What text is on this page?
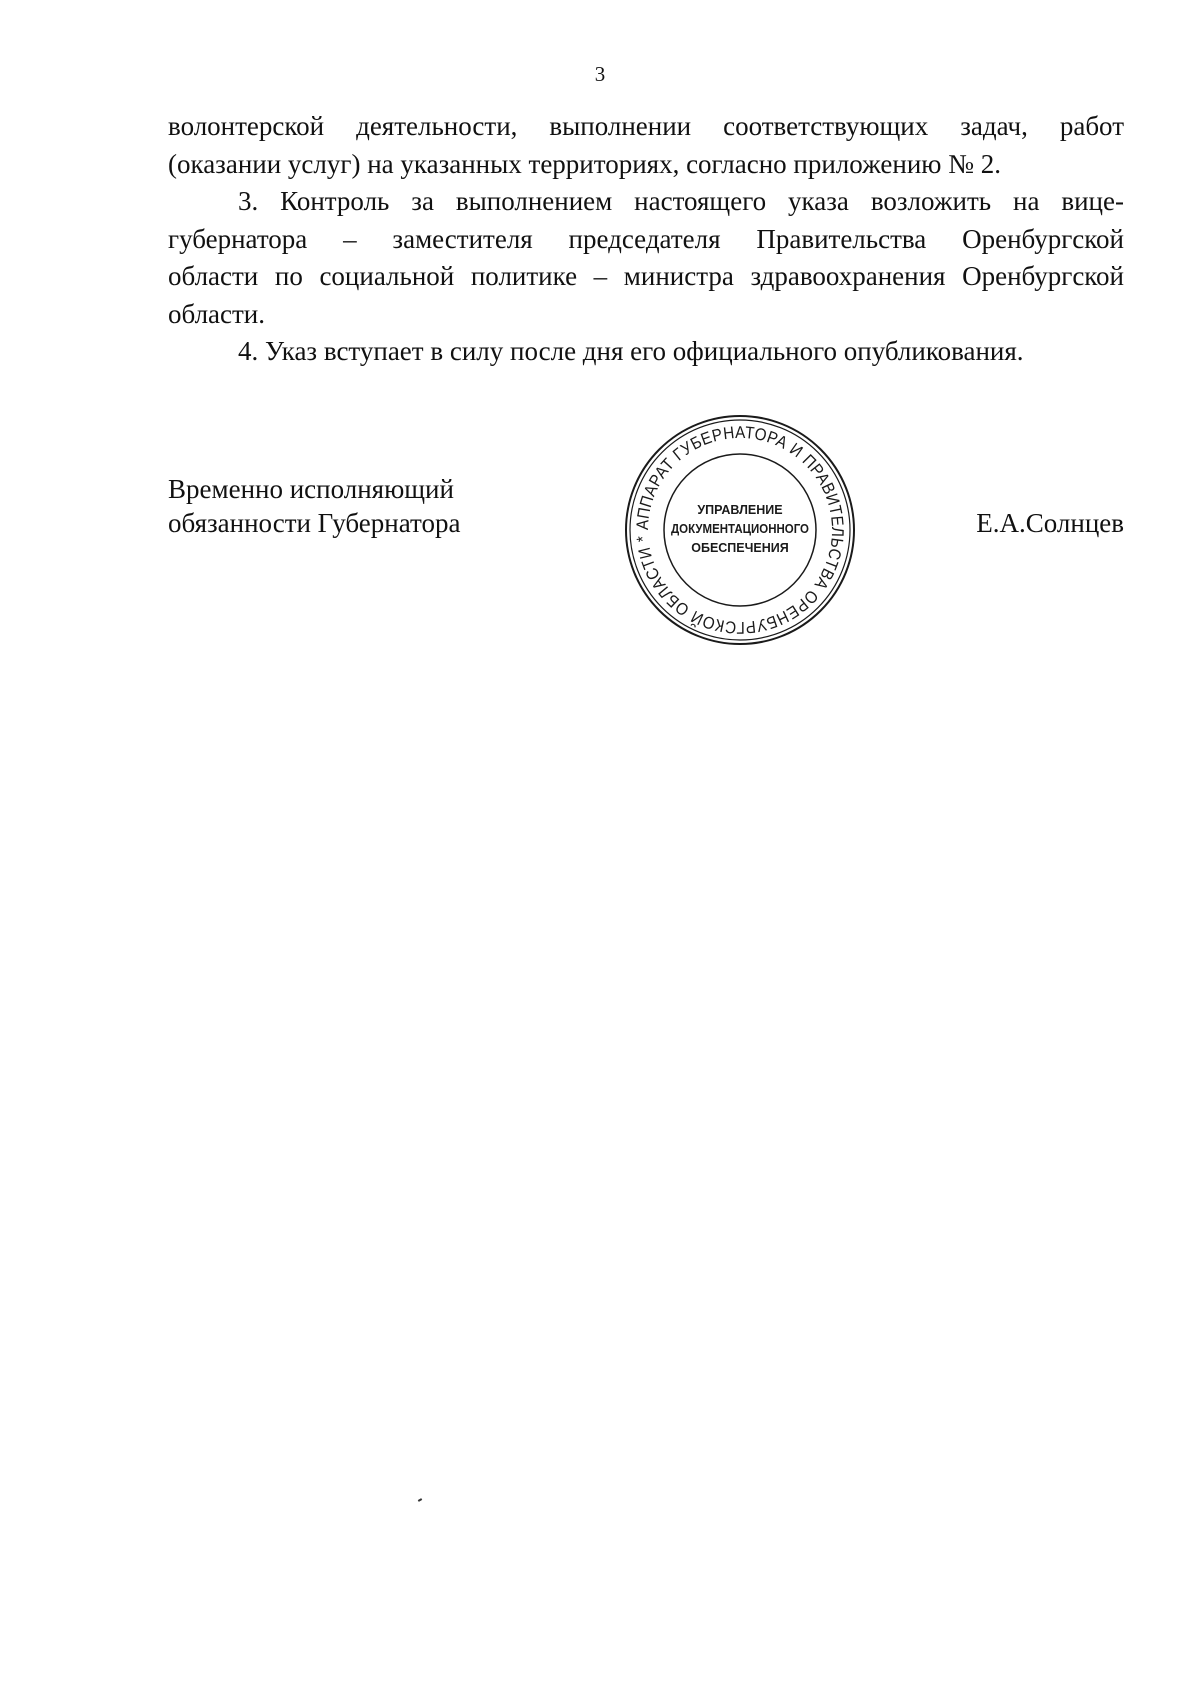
3

волонтерской деятельности, выполнении соответствующих задач, работ
(оказании услуг) на указанных территориях, согласно приложению № 2.

3. Контроль за выполнением настоящего указа возложить на вице-
губернатора – заместителя председателя Правительства Оренбургской
области по социальной политике – министра здравоохранения Оренбургской
области.

4. Указ вступает в силу после дня его официального опубликования.

Временно исполняющий
обязанности Губернатора	АППАРАТ ГУБЕРНАТОРА И ПРАВИТЕЛЬСТВА ОРЕНБУРГСКОЙ ОБЛАСТИ *
УПРАВЛЕНИЕ
ДОКУМЕНТАЦИОННОГО
ОБЕСПЕЧЕНИЯ
Е.А.Солнцев
